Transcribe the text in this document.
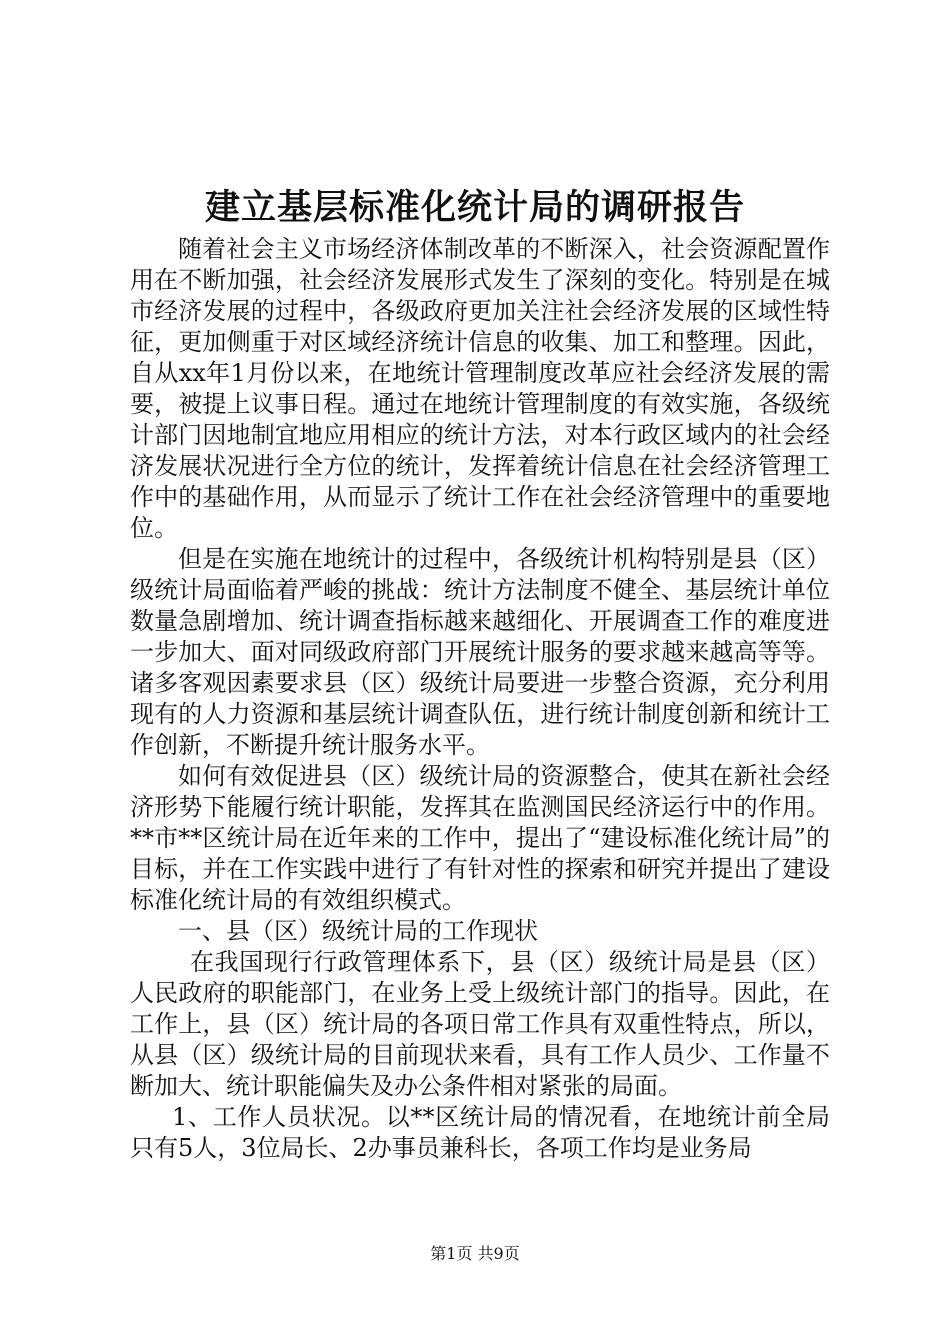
建立基层标准化统计局的调研报告

随着社会主义市场经济体制改革的不断深入，社会资源配置作用在不断加强，社会经济发展形式发生了深刻的变化。特别是在城市经济发展的过程中，各级政府更加关注社会经济发展的区域性特征，更加侧重于对区域经济统计信息的收集、加工和整理。因此，自从xx年1月份以来，在地统计管理制度改革应社会经济发展的需要，被提上议事日程。通过在地统计管理制度的有效实施，各级统计部门因地制宜地应用相应的统计方法，对本行政区域内的社会经济发展状况进行全方位的统计，发挥着统计信息在社会经济管理工作中的基础作用，从而显示了统计工作在社会经济管理中的重要地位。

但是在实施在地统计的过程中，各级统计机构特别是县（区）级统计局面临着严峻的挑战：统计方法制度不健全、基层统计单位数量急剧增加、统计调查指标越来越细化、开展调查工作的难度进一步加大、面对同级政府部门开展统计服务的要求越来越高等等。诸多客观因素要求县（区）级统计局要进一步整合资源，充分利用现有的人力资源和基层统计调查队伍，进行统计制度创新和统计工作创新，不断提升统计服务水平。

如何有效促进县（区）级统计局的资源整合，使其在新社会经济形势下能履行统计职能，发挥其在监测国民经济运行中的作用。**市**区统计局在近年来的工作中，提出了“建设标准化统计局”的目标，并在工作实践中进行了有针对性的探索和研究并提出了建设标准化统计局的有效组织模式。

一、县（区）级统计局的工作现状

在我国现行行政管理体系下，县（区）级统计局是县（区）人民政府的职能部门，在业务上受上级统计部门的指导。因此，在工作上，县（区）统计局的各项日常工作具有双重性特点，所以，从县（区）级统计局的目前现状来看，具有工作人员少、工作量不断加大、统计职能偏失及办公条件相对紧张的局面。

1、工作人员状况。以**区统计局的情况看，在地统计前全局只有5人，3位局长、2办事员兼科长，各项工作均是业务局

第1页 共9页
